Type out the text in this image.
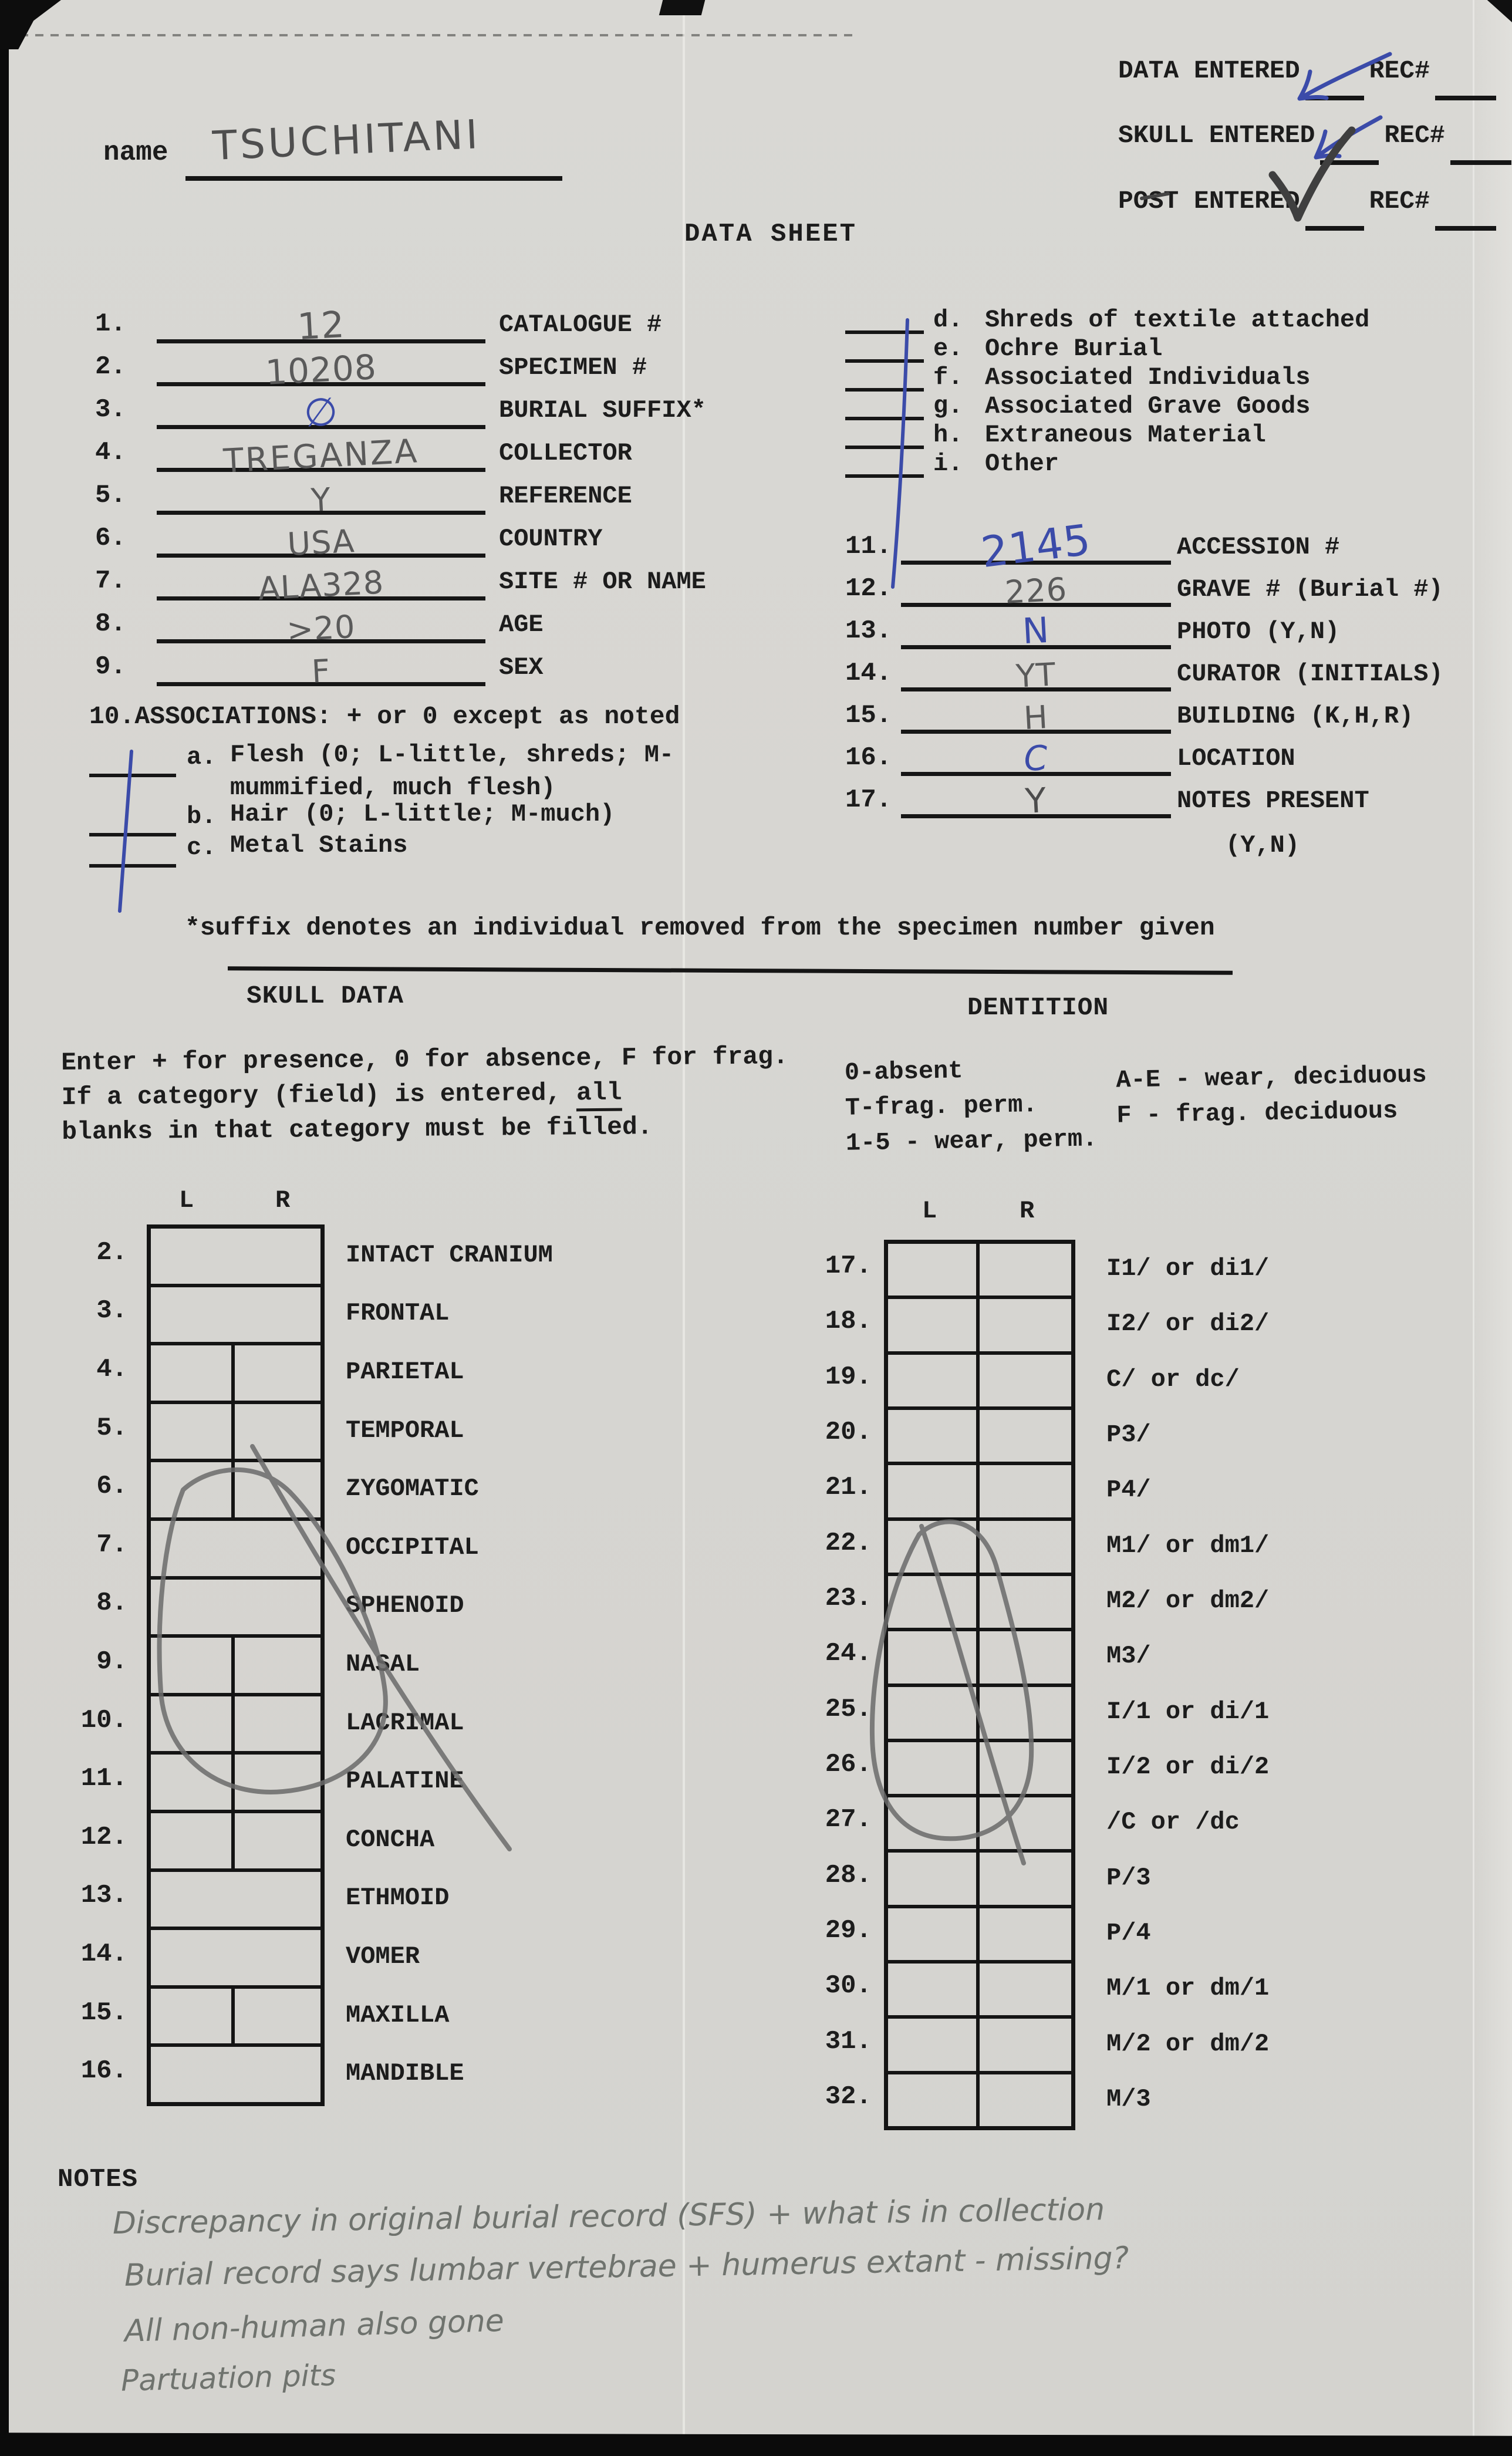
DATA ENTERED	REC#
SKULL ENTERED	REC#
POST ENTERED	REC#
name TSUCHITANI
DATA SHEET
1.	12	CATALOGUE #
2.	10208	SPECIMEN #
3.	∅	BURIAL SUFFIX*
4.	TREGANZA	COLLECTOR
5.	Y	REFERENCE
6.	USA	COUNTRY
7.	ALA328	SITE # OR NAME
8.	>20	AGE
9.	F	SEX
d. Shreds of textile attached
e. Ochre Burial
f. Associated Individuals
g. Associated Grave Goods
h. Extraneous Material
i. Other
11.	2145	ACCESSION #
12.	226	GRAVE # (Burial #)
13.	N	PHOTO (Y,N)
14.	YT	CURATOR (INITIALS)
15.	H	BUILDING (K,H,R)
16.	C	LOCATION
17.	Y	NOTES PRESENT
(Y,N)
10.ASSOCIATIONS: + or 0 except as noted
a. Flesh (0; L-little, shreds; M-
mummified, much flesh)
b. Hair (0; L-little; M-much)
c. Metal Stains
*suffix denotes an individual removed from the specimen number given
SKULL DATA	DENTITION
Enter + for presence, 0 for absence, F for frag.
If a category (field) is entered, all
blanks in that category must be filled.
0-absent
T-frag. perm.
1-5 - wear, perm.
A-E - wear, deciduous
F - frag. deciduous
L	R
2.	INTACT CRANIUM
3.	FRONTAL
4.	PARIETAL
5.	TEMPORAL
6.	ZYGOMATIC
7.	OCCIPITAL
8.	SPHENOID
9.	NASAL
10.	LACRIMAL
11.	PALATINE
12.	CONCHA
13.	ETHMOID
14.	VOMER
15.	MAXILLA
16.	MANDIBLE
L	R
17.	I1/ or di1/
18.	I2/ or di2/
19.	C/ or dc/
20.	P3/
21.	P4/
22.	M1/ or dm1/
23.	M2/ or dm2/
24.	M3/
25.	I/1 or di/1
26.	I/2 or di/2
27.	/C or /dc
28.	P/3
29.	P/4
30.	M/1 or dm/1
31.	M/2 or dm/2
32.	M/3
NOTES
Discrepancy in original burial record (SFS) + what is in collection
Burial record says lumbar vertebrae + humerus extant - missing?
All non-human also gone
Partuation pits
